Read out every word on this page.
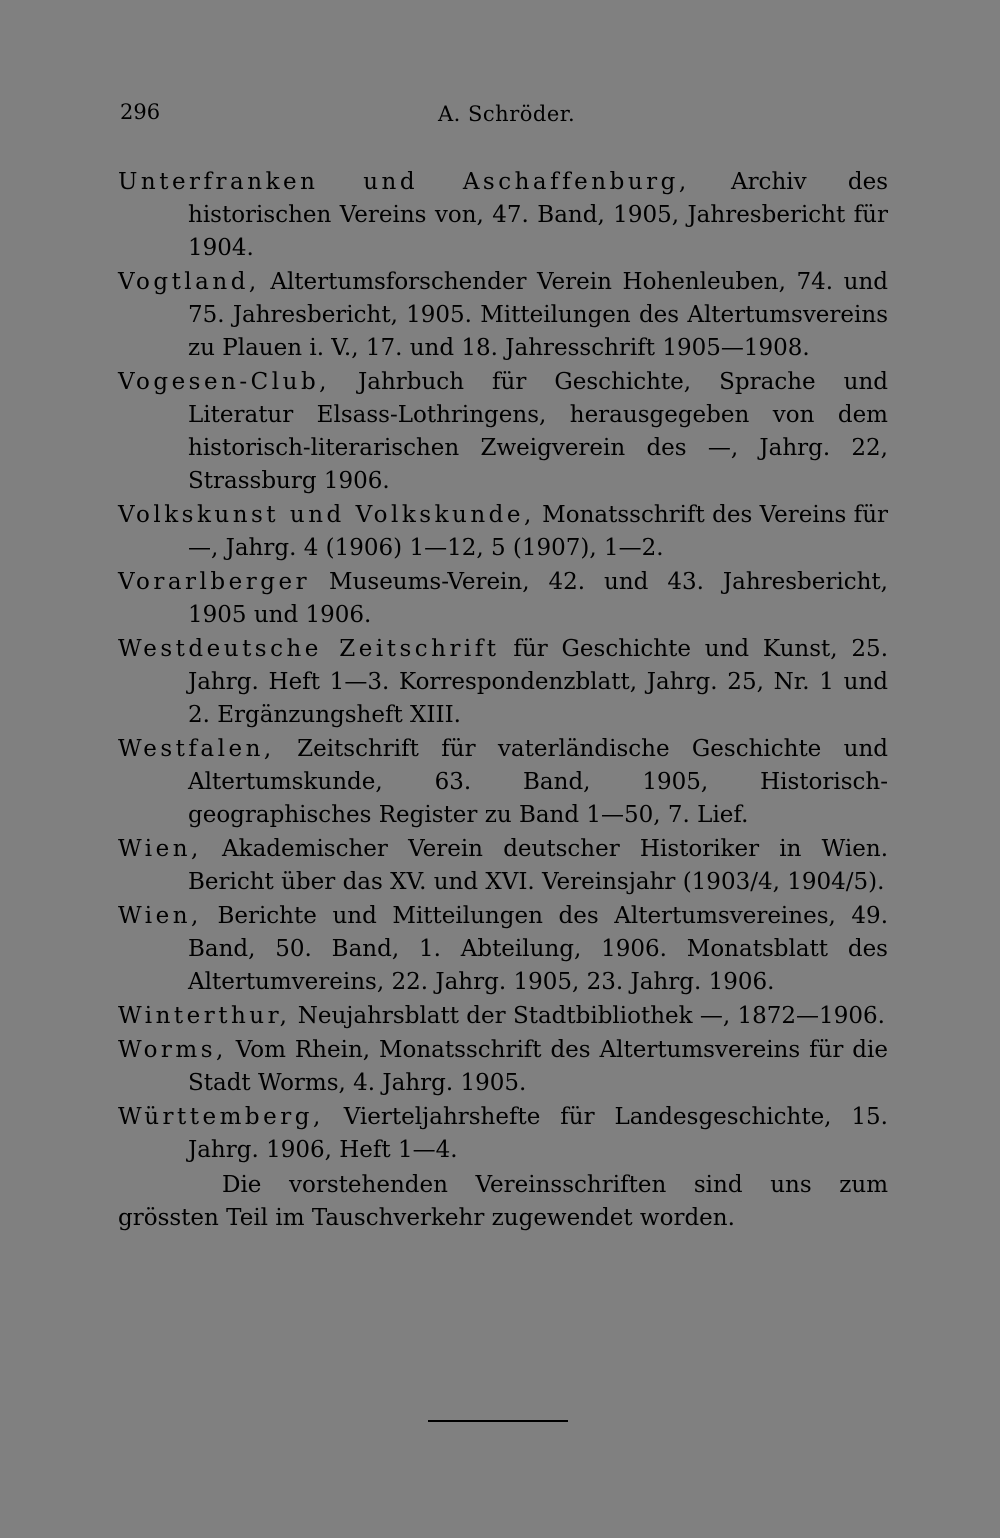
296	A. Schröder.

Unterfranken und Aschaffenburg, Archiv des historischen Vereins von, 47. Band, 1905, Jahresbericht für 1904.

Vogtland, Altertumsforschender Verein Hohenleuben, 74. und 75. Jahresbericht, 1905. Mitteilungen des Altertumsvereins zu Plauen i. V., 17. und 18. Jahresschrift 1905—1908.

Vogesen-Club, Jahrbuch für Geschichte, Sprache und Literatur Elsass-Lothringens, herausgegeben von dem historisch-literarischen Zweigverein des —, Jahrg. 22, Strassburg 1906.

Volkskunst und Volkskunde, Monatsschrift des Vereins für —, Jahrg. 4 (1906) 1—12, 5 (1907), 1—2.

Vorarlberger Museums-Verein, 42. und 43. Jahresbericht, 1905 und 1906.

Westdeutsche Zeitschrift für Geschichte und Kunst, 25. Jahrg. Heft 1—3. Korrespondenzblatt, Jahrg. 25, Nr. 1 und 2. Ergänzungsheft XIII.

Westfalen, Zeitschrift für vaterländische Geschichte und Altertumskunde, 63. Band, 1905, Historisch-geographisches Register zu Band 1—50, 7. Lief.

Wien, Akademischer Verein deutscher Historiker in Wien. Bericht über das XV. und XVI. Vereinsjahr (1903/4, 1904/5).

Wien, Berichte und Mitteilungen des Altertumsvereines, 49. Band, 50. Band, 1. Abteilung, 1906. Monatsblatt des Altertumvereins, 22. Jahrg. 1905, 23. Jahrg. 1906.

Winterthur, Neujahrsblatt der Stadtbibliothek —, 1872—1906.

Worms, Vom Rhein, Monatsschrift des Altertumsvereins für die Stadt Worms, 4. Jahrg. 1905.

Württemberg, Vierteljahrshefte für Landesgeschichte, 15. Jahrg. 1906, Heft 1—4.

Die vorstehenden Vereinsschriften sind uns zum grössten Teil im Tauschverkehr zugewendet worden.
